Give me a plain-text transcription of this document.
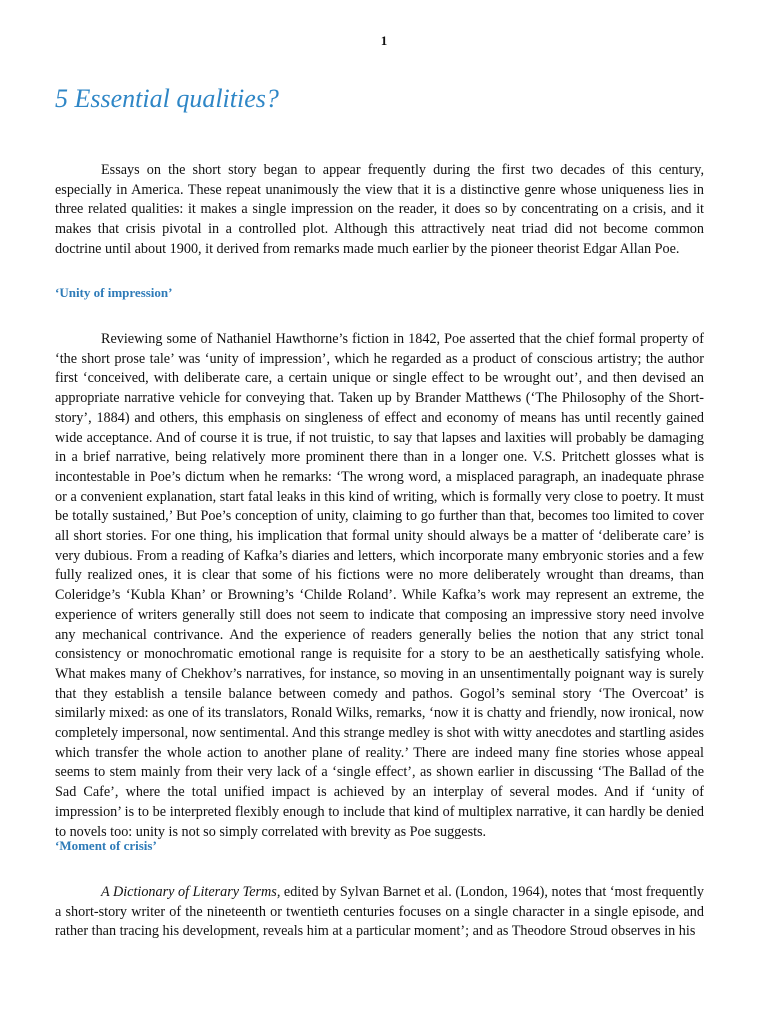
1
5 Essential qualities?

Essays on the short story began to appear frequently during the first two decades of this century, especially in America. These repeat unanimously the view that it is a distinctive genre whose uniqueness lies in three related qualities: it makes a single impression on the reader, it does so by concentrating on a crisis, and it makes that crisis pivotal in a controlled plot. Although this attractively neat triad did not become common doctrine until about 1900, it derived from remarks made much earlier by the pioneer theorist Edgar Allan Poe.

‘Unity of impression’

Reviewing some of Nathaniel Hawthorne’s fiction in 1842, Poe asserted that the chief formal property of ‘the short prose tale’ was ‘unity of impression’, which he regarded as a product of conscious artistry; the author first ‘conceived, with deliberate care, a certain unique or single effect to be wrought out’, and then devised an appropriate narrative vehicle for conveying that. Taken up by Brander Matthews (‘The Philosophy of the Short-story’, 1884) and others, this emphasis on singleness of effect and economy of means has until recently gained wide acceptance. And of course it is true, if not truistic, to say that lapses and laxities will probably be damaging in a brief narrative, being relatively more prominent there than in a longer one. V.S. Pritchett glosses what is incontestable in Poe’s dictum when he remarks: ‘The wrong word, a misplaced paragraph, an inadequate phrase or a convenient explanation, start fatal leaks in this kind of writing, which is formally very close to poetry. It must be totally sustained,’ But Poe’s conception of unity, claiming to go further than that, becomes too limited to cover all short stories. For one thing, his implication that formal unity should always be a matter of ‘deliberate care’ is very dubious. From a reading of Kafka’s diaries and letters, which incorporate many embryonic stories and a few fully realized ones, it is clear that some of his fictions were no more deliberately wrought than dreams, than Coleridge’s ‘Kubla Khan’ or Browning’s ‘Childe Roland’. While Kafka’s work may represent an extreme, the experience of writers generally still does not seem to indicate that composing an impressive story need involve any mechanical contrivance. And the experience of readers generally belies the notion that any strict tonal consistency or monochromatic emotional range is requisite for a story to be an aesthetically satisfying whole. What makes many of Chekhov’s narratives, for instance, so moving in an unsentimentally poignant way is surely that they establish a tensile balance between comedy and pathos. Gogol’s seminal story ‘The Overcoat’ is similarly mixed: as one of its translators, Ronald Wilks, remarks, ‘now it is chatty and friendly, now ironical, now completely impersonal, now sentimental. And this strange medley is shot with witty anecdotes and startling asides which transfer the whole action to another plane of reality.’ There are indeed many fine stories whose appeal seems to stem mainly from their very lack of a ‘single effect’, as shown earlier in discussing ‘The Ballad of the Sad Cafe’, where the total unified impact is achieved by an interplay of several modes. And if ‘unity of impression’ is to be interpreted flexibly enough to include that kind of multiplex narrative, it can hardly be denied to novels too: unity is not so simply correlated with brevity as Poe suggests.

‘Moment of crisis’

A Dictionary of Literary Terms, edited by Sylvan Barnet et al. (London, 1964), notes that ‘most frequently a short-story writer of the nineteenth or twentieth centuries focuses on a single character in a single episode, and rather than tracing his development, reveals him at a particular moment’; and as Theodore Stroud observes in his
